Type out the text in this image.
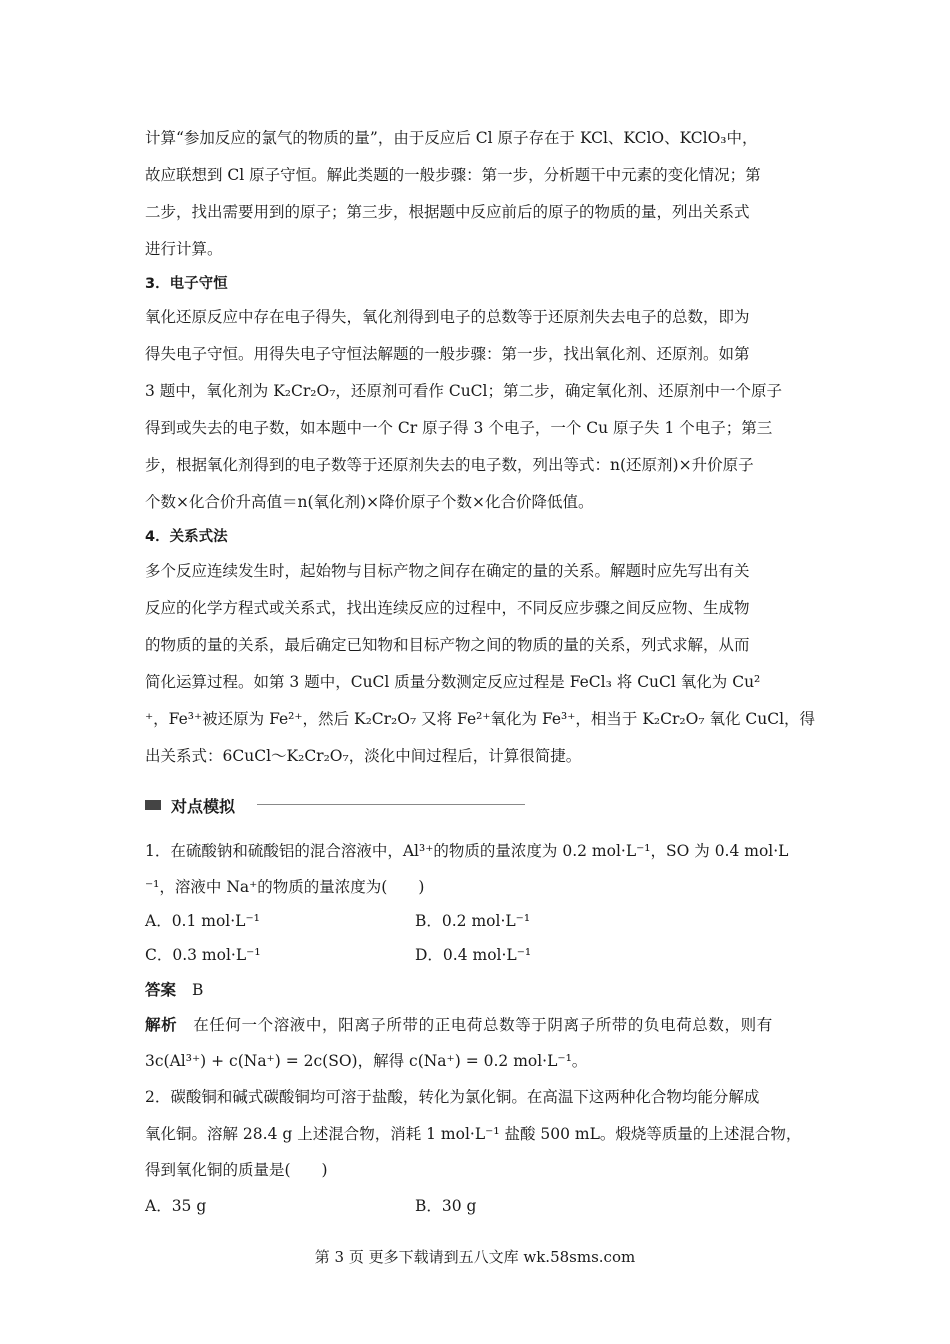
计算“参加反应的氯气的物质的量”，由于反应后 Cl 原子存在于 KCl、KClO、KClO₃中，
故应联想到 Cl 原子守恒。解此类题的一般步骤：第一步，分析题干中元素的变化情况；第
二步，找出需要用到的原子；第三步，根据题中反应前后的原子的物质的量，列出关系式
进行计算。
3．电子守恒
氧化还原反应中存在电子得失，氧化剂得到电子的总数等于还原剂失去电子的总数，即为
得失电子守恒。用得失电子守恒法解题的一般步骤：第一步，找出氧化剂、还原剂。如第
3 题中，氧化剂为 K₂Cr₂O₇，还原剂可看作 CuCl；第二步，确定氧化剂、还原剂中一个原子
得到或失去的电子数，如本题中一个 Cr 原子得 3 个电子，一个 Cu 原子失 1 个电子；第三
步，根据氧化剂得到的电子数等于还原剂失去的电子数，列出等式：n(还原剂)×升价原子
个数×化合价升高值＝n(氧化剂)×降价原子个数×化合价降低值。
4．关系式法
多个反应连续发生时，起始物与目标产物之间存在确定的量的关系。解题时应先写出有关
反应的化学方程式或关系式，找出连续反应的过程中，不同反应步骤之间反应物、生成物
的物质的量的关系，最后确定已知物和目标产物之间的物质的量的关系，列式求解，从而
简化运算过程。如第 3 题中，CuCl 质量分数测定反应过程是 FeCl₃ 将 CuCl 氧化为 Cu²
⁺，Fe³⁺被还原为 Fe²⁺，然后 K₂Cr₂O₇ 又将 Fe²⁺氧化为 Fe³⁺，相当于 K₂Cr₂O₇ 氧化 CuCl，得
出关系式：6CuCl～K₂Cr₂O₇，淡化中间过程后，计算很简捷。
对点模拟
1．在硫酸钠和硫酸铝的混合溶液中，Al³⁺的物质的量浓度为 0.2 mol·L⁻¹，SO 为 0.4 mol·L
⁻¹，溶液中 Na⁺的物质的量浓度为(　　)
A．0.1 mol·L⁻¹	B．0.2 mol·L⁻¹
C．0.3 mol·L⁻¹	D．0.4 mol·L⁻¹
答案 B
解析 在任何一个溶液中，阳离子所带的正电荷总数等于阴离子所带的负电荷总数，则有
3c(Al³⁺) + c(Na⁺) = 2c(SO)，解得 c(Na⁺) = 0.2 mol·L⁻¹。
2．碳酸铜和碱式碳酸铜均可溶于盐酸，转化为氯化铜。在高温下这两种化合物均能分解成
氧化铜。溶解 28.4 g 上述混合物，消耗 1 mol·L⁻¹ 盐酸 500 mL。煅烧等质量的上述混合物，
得到氧化铜的质量是(　　)
A．35 g	B．30 g
第 3 页 更多下载请到五八文库 wk.58sms.com
